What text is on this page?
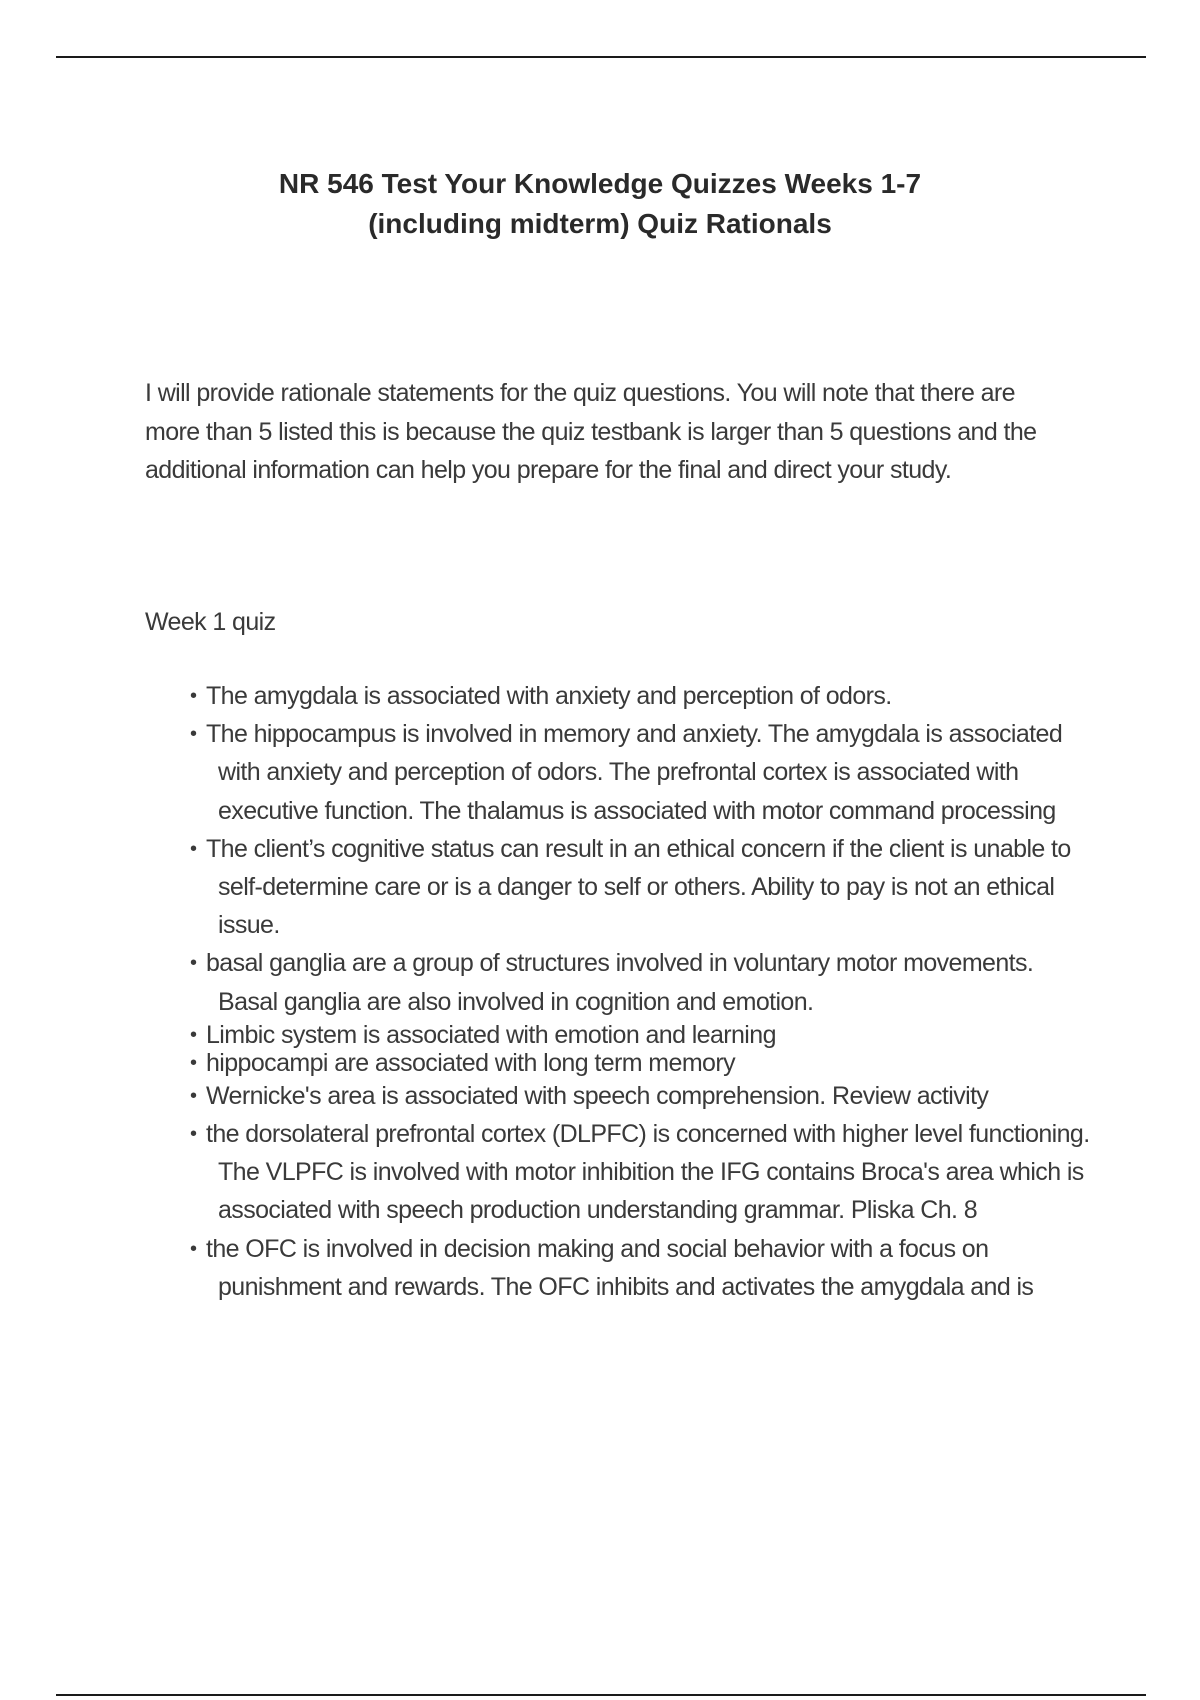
NR 546 Test Your Knowledge Quizzes Weeks 1-7
(including midterm) Quiz Rationals

I will provide rationale statements for the quiz questions. You will note that there are more than 5 listed this is because the quiz testbank is larger than 5 questions and the additional information can help you prepare for the final and direct your study.

Week 1 quiz

• The amygdala is associated with anxiety and perception of odors.
• The hippocampus is involved in memory and anxiety. The amygdala is associated with anxiety and perception of odors. The prefrontal cortex is associated with executive function. The thalamus is associated with motor command processing
• The client’s cognitive status can result in an ethical concern if the client is unable to self-determine care or is a danger to self or others. Ability to pay is not an ethical issue.
• basal ganglia are a group of structures involved in voluntary motor movements. Basal ganglia are also involved in cognition and emotion.
• Limbic system is associated with emotion and learning
• hippocampi are associated with long term memory
• Wernicke's area is associated with speech comprehension. Review activity
• the dorsolateral prefrontal cortex (DLPFC) is concerned with higher level functioning. The VLPFC is involved with motor inhibition the IFG contains Broca's area which is associated with speech production understanding grammar. Pliska Ch. 8
• the OFC is involved in decision making and social behavior with a focus on punishment and rewards. The OFC inhibits and activates the amygdala and is
